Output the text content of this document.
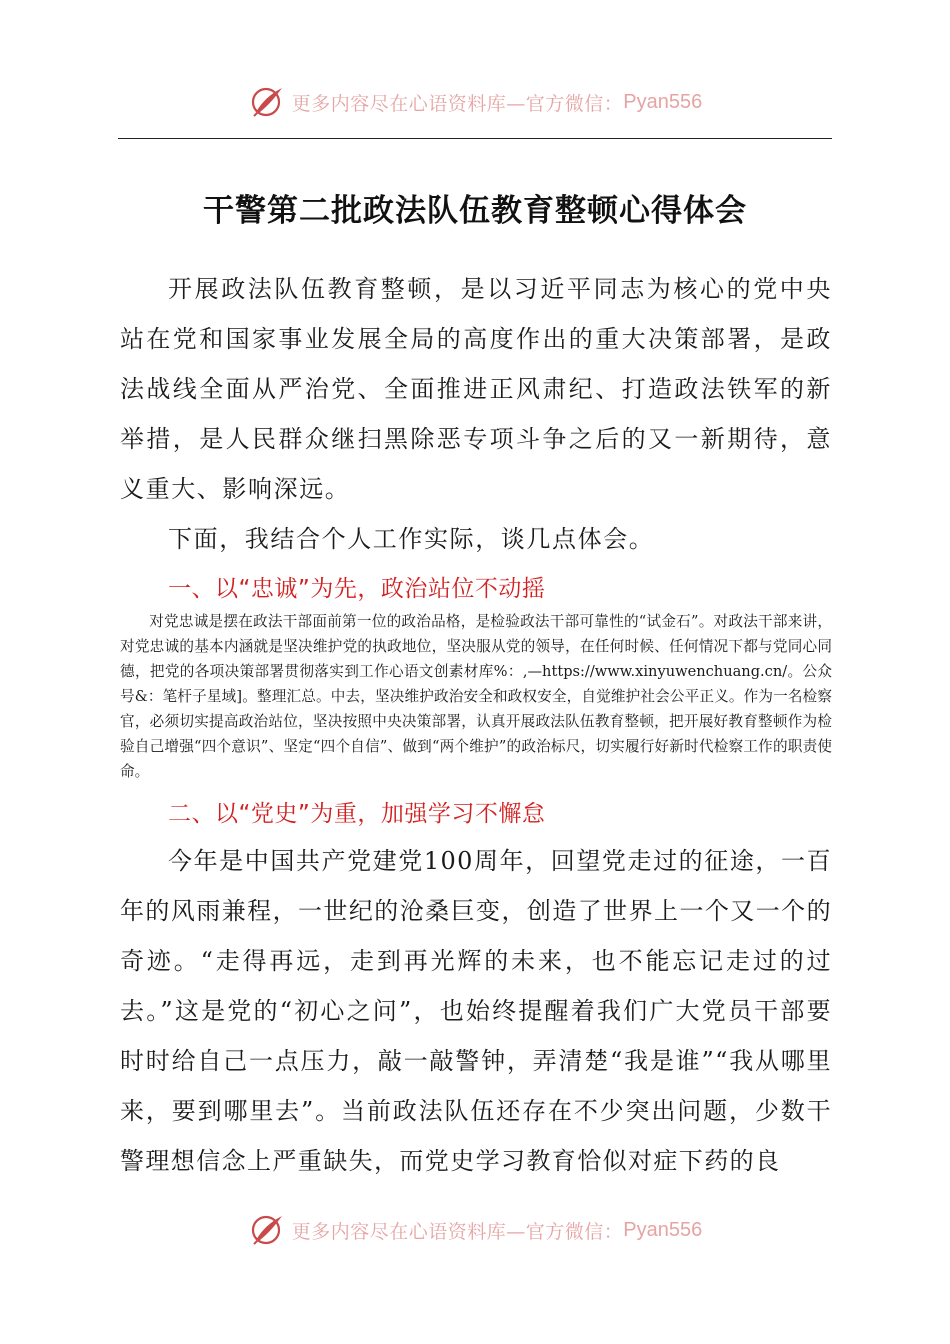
更多内容尽在心语资料库—官方微信： Pyan556
干警第二批政法队伍教育整顿心得体会

开展政法队伍教育整顿，是以习近平同志为核心的党中央站在党和国家事业发展全局的高度作出的重大决策部署，是政法战线全面从严治党、全面推进正风肃纪、打造政法铁军的新举措，是人民群众继扫黑除恶专项斗争之后的又一新期待，意义重大、影响深远。

下面，我结合个人工作实际，谈几点体会。

一、以“忠诚”为先，政治站位不动摇

对党忠诚是摆在政法干部面前第一位的政治品格，是检验政法干部可靠性的“试金石”。对政法干部来讲，对党忠诚的基本内涵就是坚决维护党的执政地位，坚决服从党的领导，在任何时候、任何情况下都与党同心同德，把党的各项决策部署贯彻落实到工作心语文创素材库%：,—https://www.xinyuwenchuang.cn/。公众号&：笔杆子星域]。整理汇总。中去，坚决维护政治安全和政权安全，自觉维护社会公平正义。作为一名检察官，必须切实提高政治站位，坚决按照中央决策部署，认真开展政法队伍教育整顿，把开展好教育整顿作为检验自己增强“四个意识”、坚定“四个自信”、做到“两个维护”的政治标尺，切实履行好新时代检察工作的职责使命。

二、以“党史”为重，加强学习不懈怠

今年是中国共产党建党100周年，回望党走过的征途，一百年的风雨兼程，一世纪的沧桑巨变，创造了世界上一个又一个的奇迹。“走得再远，走到再光辉的未来，也不能忘记走过的过去。”这是党的“初心之问”，也始终提醒着我们广大党员干部要时时给自己一点压力，敲一敲警钟，弄清楚“我是谁”“我从哪里来，要到哪里去”。当前政法队伍还存在不少突出问题，少数干警理想信念上严重缺失，而党史学习教育恰似对症下药的良

更多内容尽在心语资料库—官方微信： Pyan556
